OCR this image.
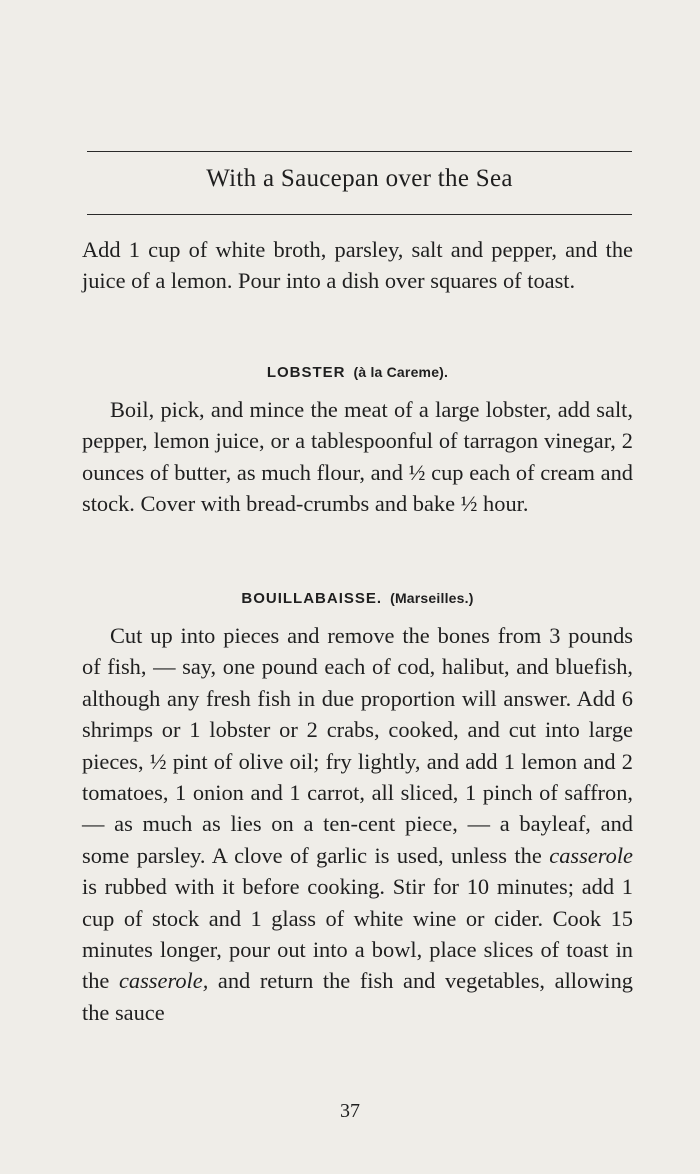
With a Saucepan over the Sea

Add 1 cup of white broth, parsley, salt and pepper, and the juice of a lemon. Pour into a dish over squares of toast.

LOBSTER (à la Careme).

Boil, pick, and mince the meat of a large lobster, add salt, pepper, lemon juice, or a tablespoonful of tarragon vinegar, 2 ounces of butter, as much flour, and ½ cup each of cream and stock. Cover with bread-crumbs and bake ½ hour.

BOUILLABAISSE. (Marseilles.)

Cut up into pieces and remove the bones from 3 pounds of fish, — say, one pound each of cod, halibut, and bluefish, although any fresh fish in due proportion will answer. Add 6 shrimps or 1 lobster or 2 crabs, cooked, and cut into large pieces, ½ pint of olive oil; fry lightly, and add 1 lemon and 2 tomatoes, 1 onion and 1 carrot, all sliced, 1 pinch of saffron, — as much as lies on a ten-cent piece, — a bayleaf, and some parsley. A clove of garlic is used, unless the casserole is rubbed with it before cooking. Stir for 10 minutes; add 1 cup of stock and 1 glass of white wine or cider. Cook 15 minutes longer, pour out into a bowl, place slices of toast in the casserole, and return the fish and vegetables, allowing the sauce

37
